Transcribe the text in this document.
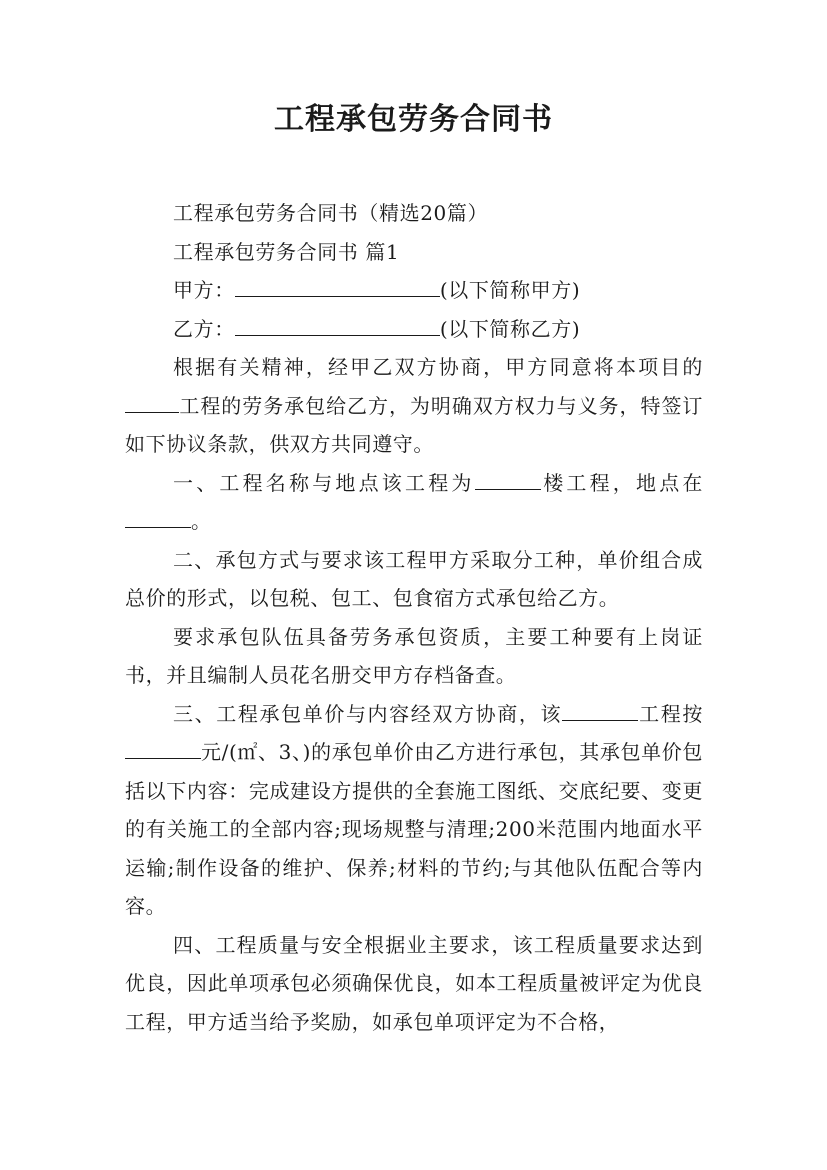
工程承包劳务合同书

工程承包劳务合同书（精选20篇）

工程承包劳务合同书 篇1

甲方：	(以下简称甲方)

乙方：	(以下简称乙方)

根据有关精神，经甲乙双方协商，甲方同意将本项目的工程的劳务承包给乙方，为明确双方权力与义务，特签订如下协议条款，供双方共同遵守。

一、工程名称与地点该工程为	楼工程，地点在。

二、承包方式与要求该工程甲方采取分工种，单价组合成总价的形式，以包税、包工、包食宿方式承包给乙方。

要求承包队伍具备劳务承包资质，主要工种要有上岗证书，并且编制人员花名册交甲方存档备查。

三、工程承包单价与内容经双方协商，该	工程按元/(㎡、3、)的承包单价由乙方进行承包，其承包单价包括以下内容：完成建设方提供的全套施工图纸、交底纪要、变更的有关施工的全部内容;现场规整与清理;200米范围内地面水平运输;制作设备的维护、保养;材料的节约;与其他队伍配合等内容。

四、工程质量与安全根据业主要求，该工程质量要求达到优良，因此单项承包必须确保优良，如本工程质量被评定为优良工程，甲方适当给予奖励，如承包单项评定为不合格，
